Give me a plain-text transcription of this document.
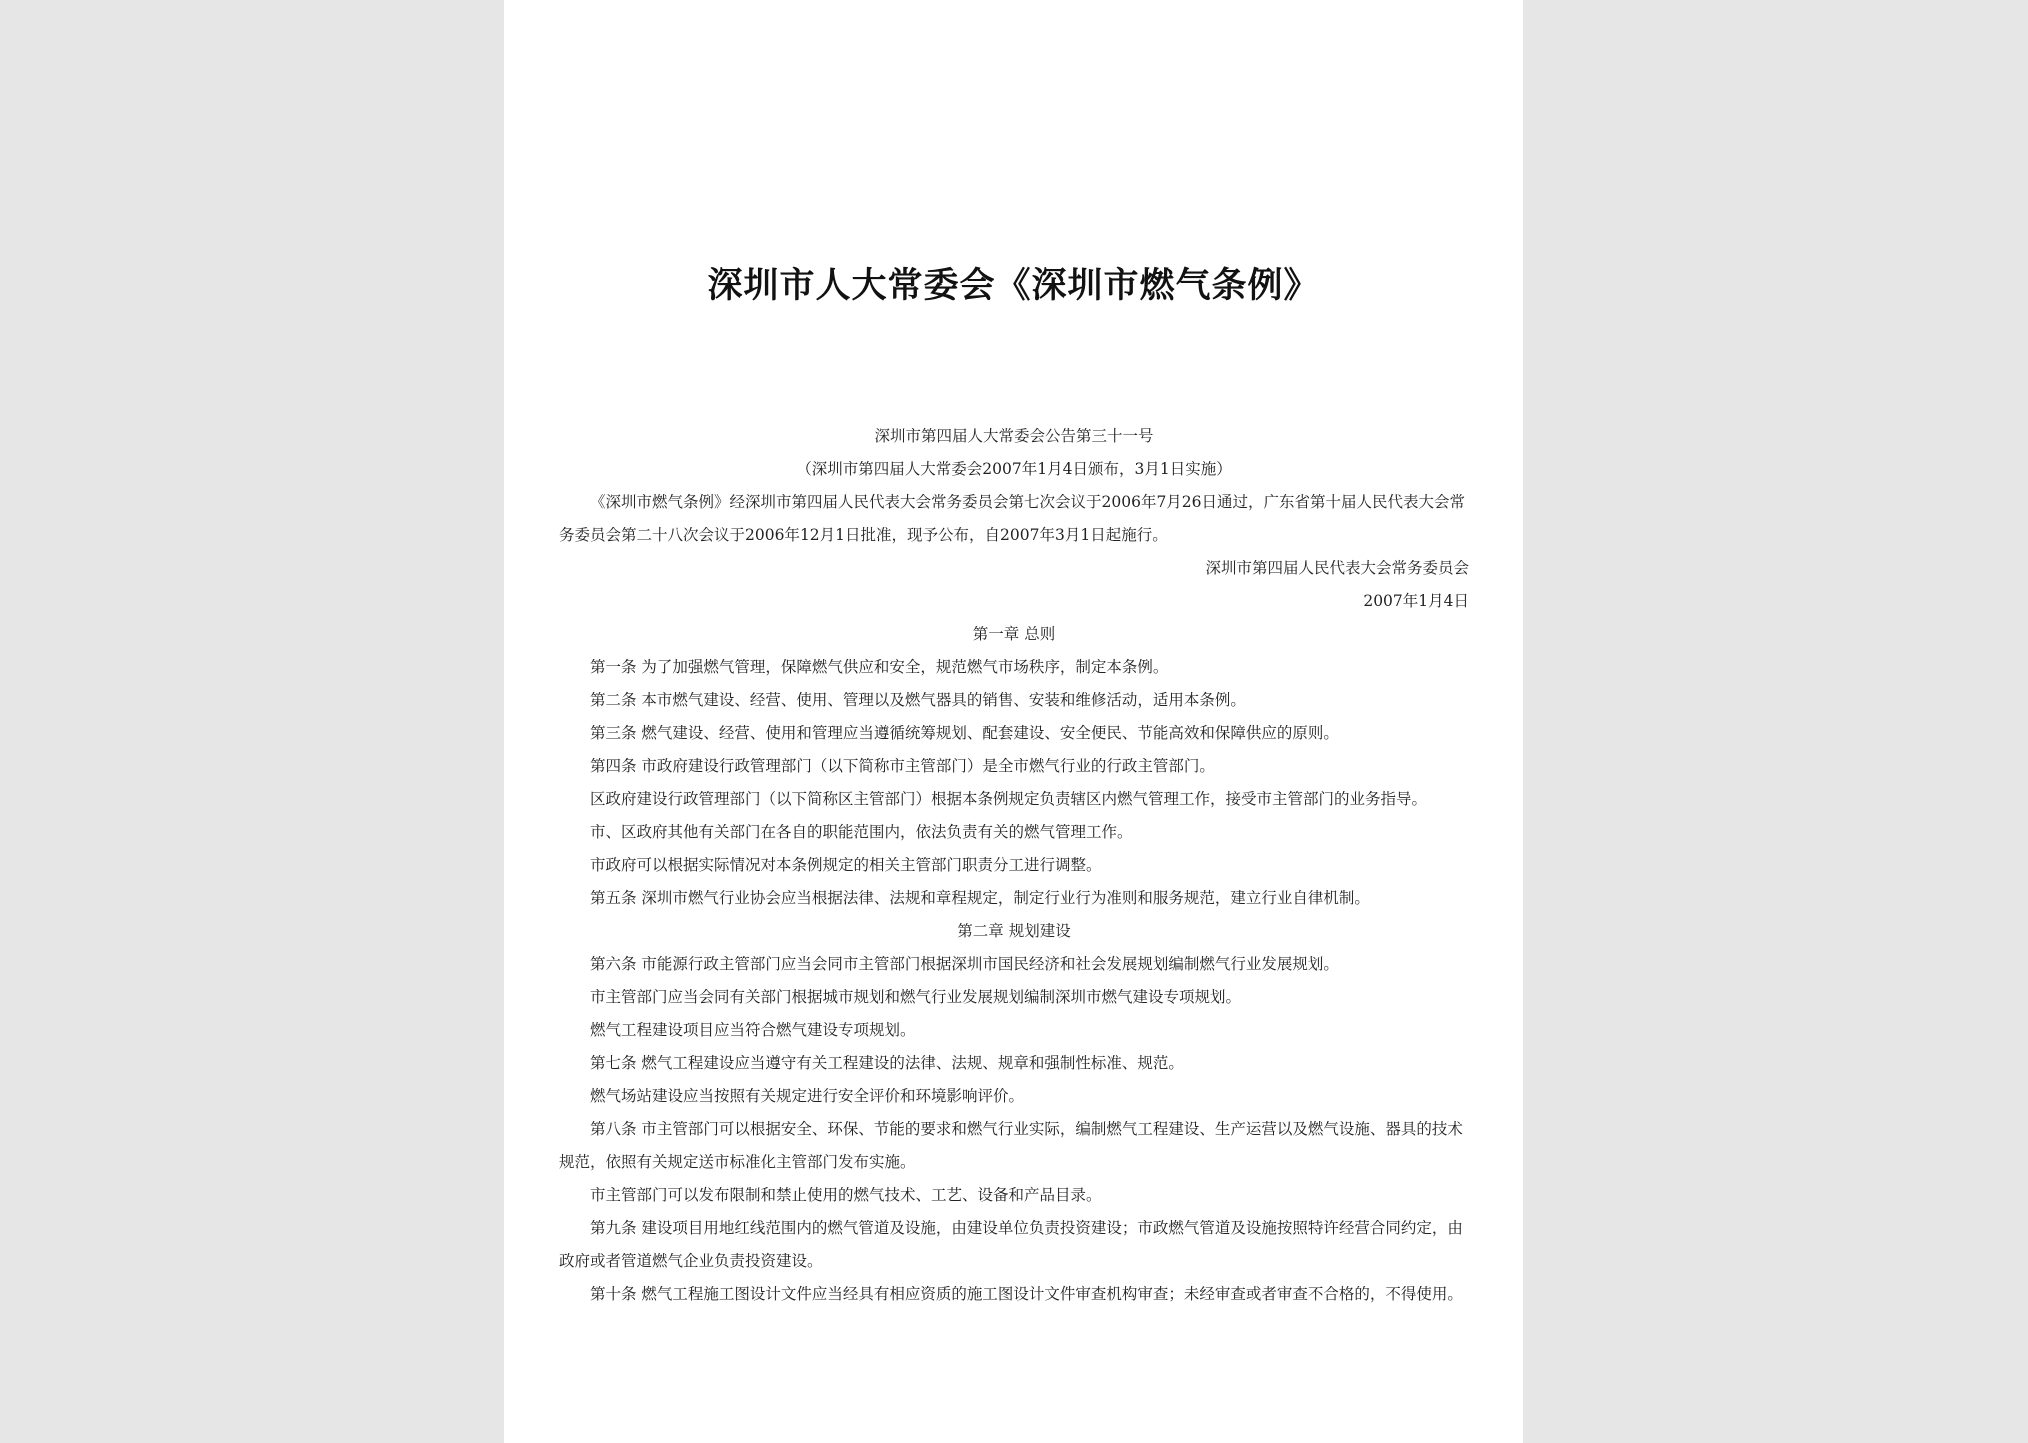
深圳市人大常委会《深圳市燃气条例》
深圳市第四届人大常委会公告第三十一号
（深圳市第四届人大常委会2007年1月4日颁布，3月1日实施）
《深圳市燃气条例》经深圳市第四届人民代表大会常务委员会第七次会议于2006年7月26日通过，广东省第十届人民代表大会常务委员会第二十八次会议于2006年12月1日批准，现予公布，自2007年3月1日起施行。
深圳市第四届人民代表大会常务委员会
2007年1月4日
第一章 总则
第一条 为了加强燃气管理，保障燃气供应和安全，规范燃气市场秩序，制定本条例。
第二条 本市燃气建设、经营、使用、管理以及燃气器具的销售、安装和维修活动，适用本条例。
第三条 燃气建设、经营、使用和管理应当遵循统筹规划、配套建设、安全便民、节能高效和保障供应的原则。
第四条 市政府建设行政管理部门（以下简称市主管部门）是全市燃气行业的行政主管部门。
区政府建设行政管理部门（以下简称区主管部门）根据本条例规定负责辖区内燃气管理工作，接受市主管部门的业务指导。
市、区政府其他有关部门在各自的职能范围内，依法负责有关的燃气管理工作。
市政府可以根据实际情况对本条例规定的相关主管部门职责分工进行调整。
第五条 深圳市燃气行业协会应当根据法律、法规和章程规定，制定行业行为准则和服务规范，建立行业自律机制。
第二章 规划建设
第六条 市能源行政主管部门应当会同市主管部门根据深圳市国民经济和社会发展规划编制燃气行业发展规划。
市主管部门应当会同有关部门根据城市规划和燃气行业发展规划编制深圳市燃气建设专项规划。
燃气工程建设项目应当符合燃气建设专项规划。
第七条 燃气工程建设应当遵守有关工程建设的法律、法规、规章和强制性标准、规范。
燃气场站建设应当按照有关规定进行安全评价和环境影响评价。
第八条 市主管部门可以根据安全、环保、节能的要求和燃气行业实际，编制燃气工程建设、生产运营以及燃气设施、器具的技术规范，依照有关规定送市标准化主管部门发布实施。
市主管部门可以发布限制和禁止使用的燃气技术、工艺、设备和产品目录。
第九条 建设项目用地红线范围内的燃气管道及设施，由建设单位负责投资建设；市政燃气管道及设施按照特许经营合同约定，由政府或者管道燃气企业负责投资建设。
第十条 燃气工程施工图设计文件应当经具有相应资质的施工图设计文件审查机构审查；未经审查或者审查不合格的，不得使用。
